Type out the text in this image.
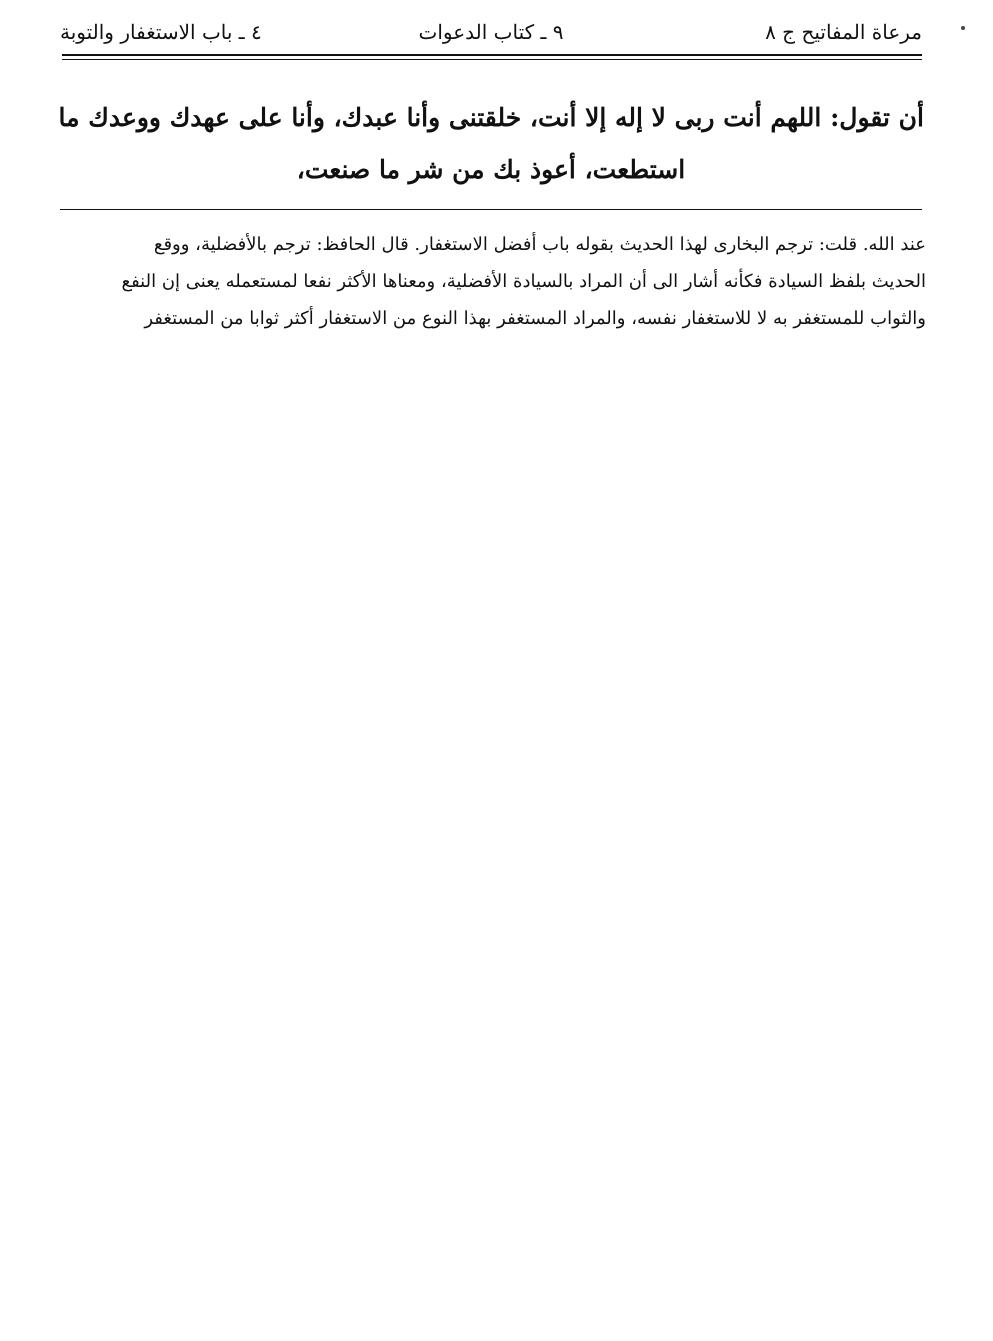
مرعاة المفاتيح ج ٨
٩ ـ كتاب الدعوات
٤ ـ باب الاستغفار والتوبة
أن تقول: اللهم أنت ربى لا إله إلا أنت، خلقتنى وأنا عبدك، وأنا على عهدك ووعدك ما
استطعت، أعوذ بك من شر ما صنعت،
عند الله. قلت: ترجم البخارى لهذا الحديث بقوله باب أفضل الاستغفار. قال الحافظ: ترجم بالأفضلية، ووقع
الحديث بلفظ السيادة فكأنه أشار الى أن المراد بالسيادة الأفضلية، ومعناها الأكثر نفعا لمستعمله يعنى إن النفع
والثواب للمستغفر به لا للاستغفار نفسه، والمراد المستغفر بهذا النوع من الاستغفار أكثر ثوابا من المستغفر
